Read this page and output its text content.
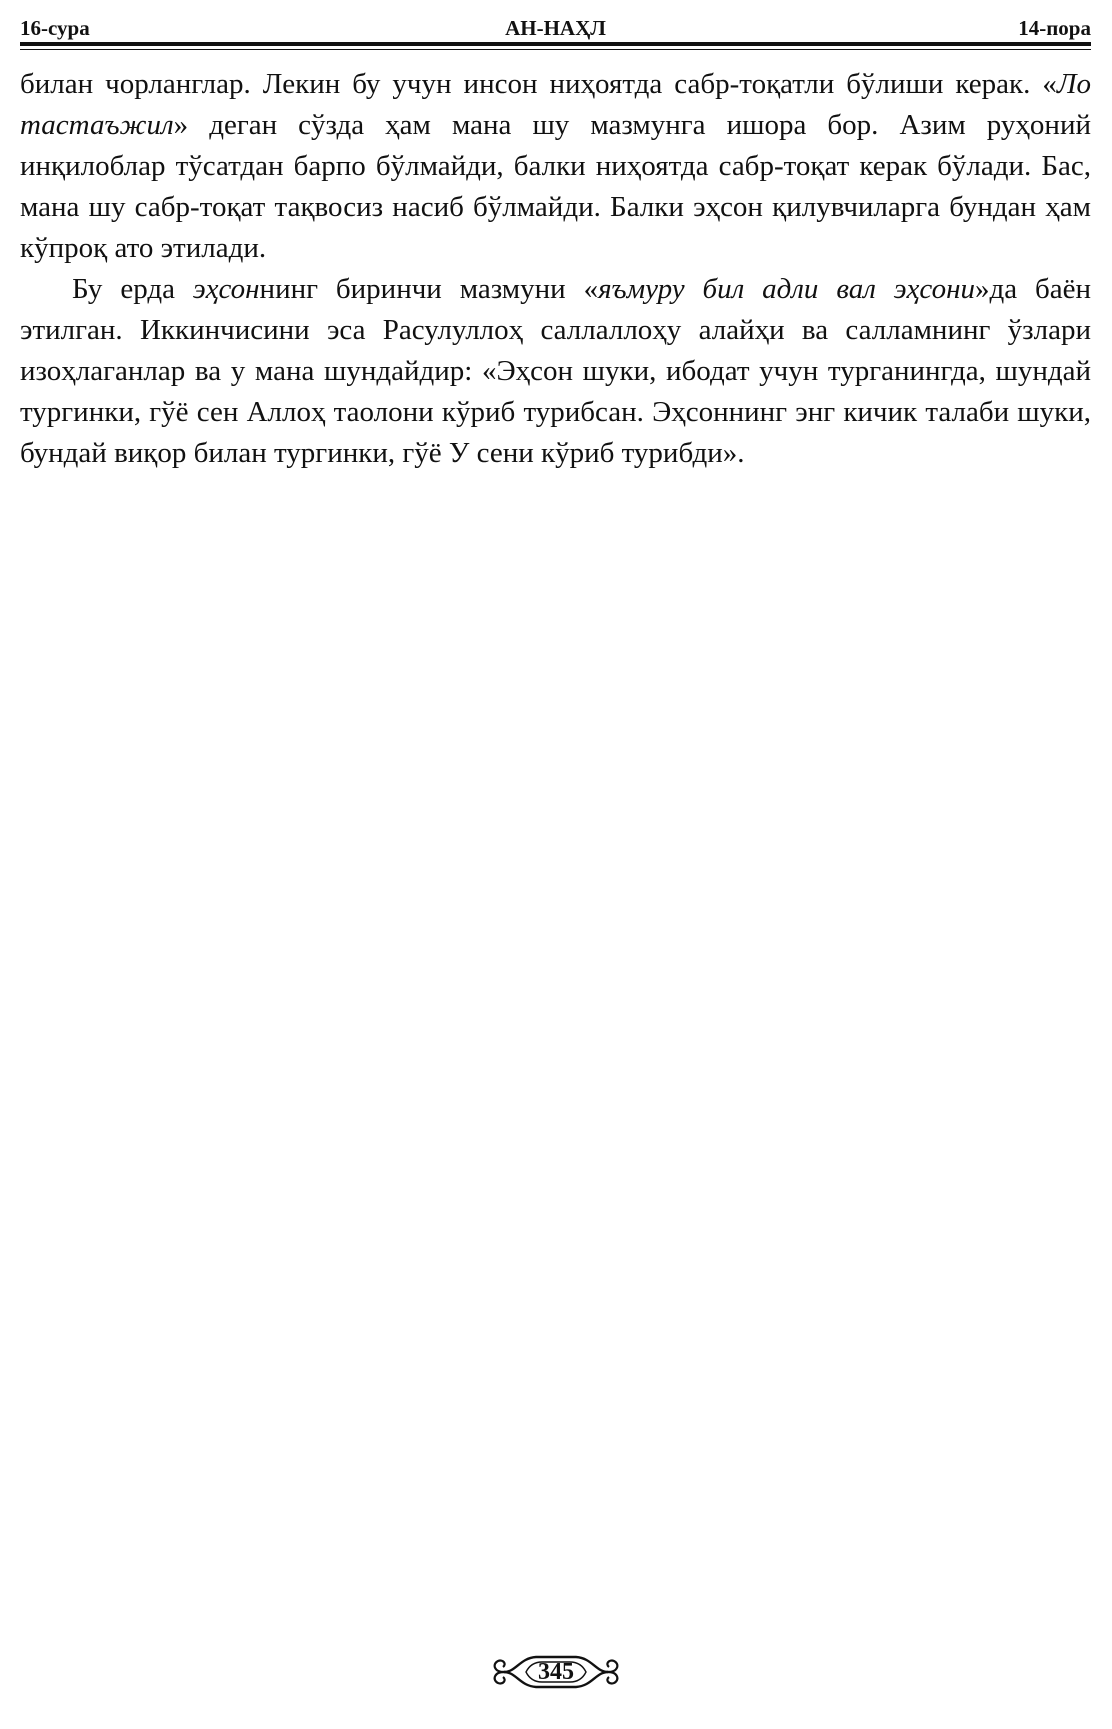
16-сура	АН-НАҲЛ	14-пора

билан чорланглар. Лекин бу учун инсон ниҳоятда сабр-тоқатли бўлиши керак. «Ло тастаъжил» деган сўзда ҳам мана шу мазмунга ишора бор. Азим руҳоний инқилоблар тўсатдан барпо бўлмайди, балки ниҳоятда сабр-тоқат керак бўлади. Бас, мана шу сабр-тоқат тақвосиз насиб бўлмайди. Балки эҳсон қилувчиларга бундан ҳам кўпроқ ато этилади.

Бу ерда эҳсоннинг биринчи мазмуни «яъмуру бил адли вал эҳсони»да баён этилган. Иккинчисини эса Расулуллоҳ саллаллоҳу алайҳи ва салламнинг ўзлари изоҳлаганлар ва у мана шундайдир: «Эҳсон шуки, ибодат учун турганингда, шундай тургинки, гўё сен Аллоҳ таолони кўриб турибсан. Эҳсоннинг энг кичик талаби шуки, бундай виқор билан тургинки, гўё У сени кўриб турибди».

345
